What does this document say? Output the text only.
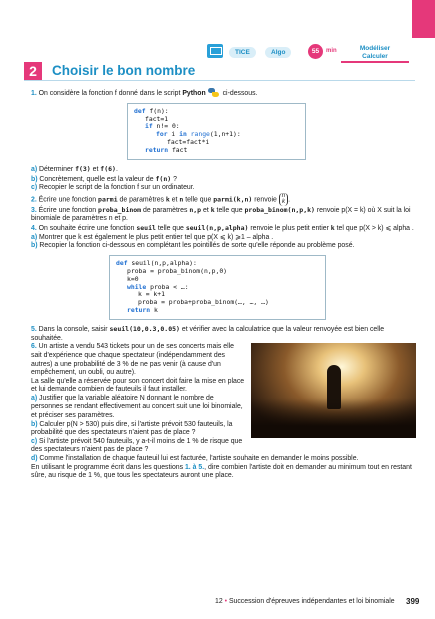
TICE	Algo	55	min	Modéliser
Calculer
2	Choisir le bon nombre

1. On considère la fonction f donné dans le script Python ci-dessous.

def f(n):
fact=1
if n!= 0:
for i in range(1,n+1):
fact=fact*i
return fact

a) Déterminer f(3) et f(6).

b) Concrètement, quelle est la valeur de f(n) ?

c) Recopier le script de la fonction f sur un ordinateur.

2. Écrire une fonction parmi de paramètres k et n telle que parmi(k,n) renvoie n
k .

3. Écrire une fonction proba_binom de paramètres n,p et k telle que proba_binom(n,p,k) renvoie p(X = k) où X suit la loi binomiale de paramètres n et p.

4. On souhaite écrire une fonction seuil telle que seuil(n,p,alpha) renvoie le plus petit entier k tel que p(X > k) ⩽ alpha .

a) Montrer que k est également le plus petit entier tel que p(X ⩽ k) ⩾1 – alpha .

b) Recopier la fonction ci-dessous en complétant les pointillés de sorte qu'elle réponde au problème posé.

def seuil(n,p,alpha):
proba = proba_binom(n,p,0)
k=0
while proba < …:
k = k+1
proba = proba+proba_binom(…, …, …)
return k

5. Dans la console, saisir seuil(10,0.3,0.05) et vérifier avec la calculatrice que la valeur renvoyée est bien celle souhaitée.

6. Un artiste a vendu 543 tickets pour un de ses concerts mais elle sait d'expérience que chaque spectateur (indépendamment des autres) a une probabilité de 3 % de ne pas venir (à cause d'un empêchement, un oubli, ou autre).

La salle qu'elle a réservée pour son concert doit faire la mise en place et lui demande combien de fauteuils il faut installer.

a) Justifier que la variable aléatoire N donnant le nombre de personnes se rendant effectivement au concert suit une loi binomiale, et préciser ses paramètres.

b) Calculer p(N > 530) puis dire, si l'artiste prévoit 530 fauteuils, la probabilité que des spectateurs n'aient pas de place ?

c) Si l'artiste prévoit 540 fauteuils, y a-t-il moins de 1 % de risque que des spectateurs n'aient pas de place ?

d) Comme l'installation de chaque fauteuil lui est facturée, l'artiste souhaite en demander le moins possible.

En utilisant le programme écrit dans les questions 1. à 5., dire combien l'artiste doit en demander au minimum tout en restant sûre, au risque de 1 %, que tous les spectateurs auront une place.

12 • Succession d'épreuves indépendantes et loi binomiale 399
